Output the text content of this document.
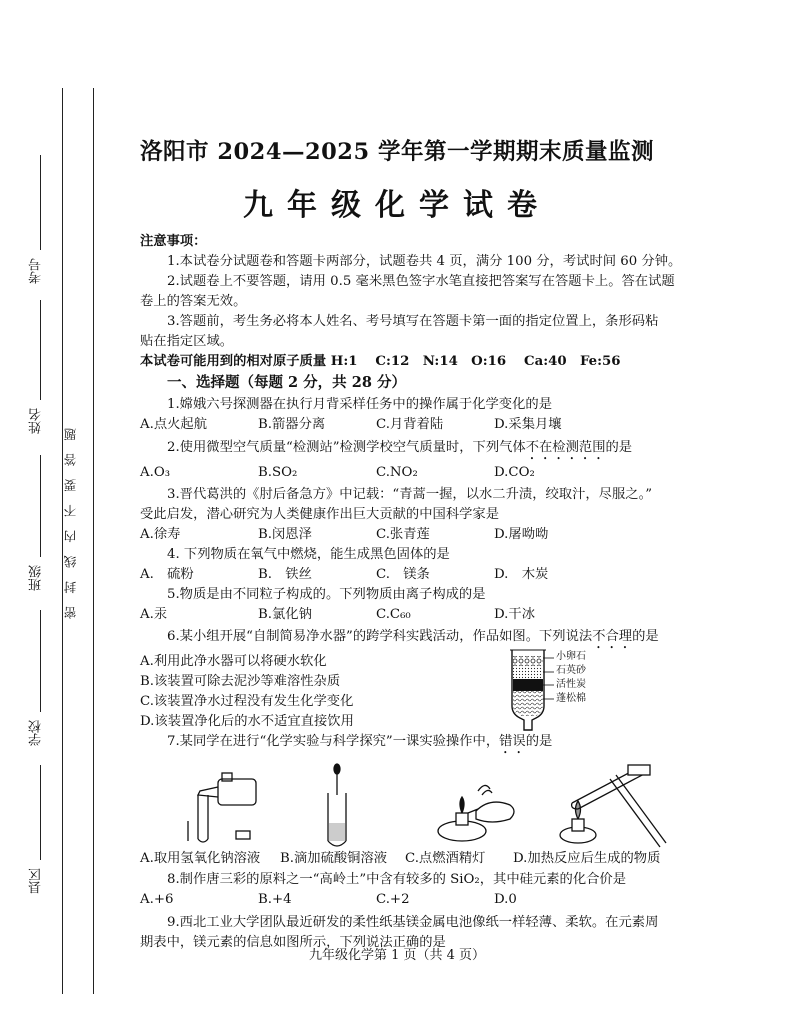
考号
姓名
班级
学校
县区
密封线内不要答题
洛阳市 2024—2025 学年第一学期期末质量监测
九年级化学试卷

注意事项：

1.本试卷分试题卷和答题卡两部分，试题卷共 4 页，满分 100 分，考试时间 60 分钟。

2.试题卷上不要答题，请用 0.5 毫米黑色签字水笔直接把答案写在答题卡上。答在试题

卷上的答案无效。

3.答题前，考生务必将本人姓名、考号填写在答题卡第一面的指定位置上，条形码粘

贴在指定区域。

本试卷可能用到的相对原子质量 H:1　 C:12　N:14　O:16　 Ca:40　Fe:56

一、选择题（每题 2 分，共 28 分）

1.嫦娥六号探测器在执行月背采样任务中的操作属于化学变化的是

A.点火起航	B.箭器分离	C.月背着陆	D.采集月壤

2.使用微型空气质量“检测站”检测学校空气质量时，下列气体不在检测范围的是

A.O₃	B.SO₂	C.NO₂	D.CO₂

3.晋代葛洪的《肘后备急方》中记载：“青蒿一握，以水二升渍，绞取汁，尽服之。”

受此启发，潜心研究为人类健康作出巨大贡献的中国科学家是

A.徐寿	B.闵恩泽	C.张青莲	D.屠呦呦

4. 下列物质在氧气中燃烧，能生成黑色固体的是

A.　硫粉	B.　铁丝	C.　镁条	D.　木炭

5.物质是由不同粒子构成的。下列物质由离子构成的是

A.汞	B.氯化钠	C.C₆₀	D.干冰

6.某小组开展“自制简易净水器”的跨学科实践活动，作品如图。下列说法不合理的是

A.利用此净水器可以将硬水软化

B.该装置可除去泥沙等难溶性杂质

C.该装置净水过程没有发生化学变化

D.该装置净化后的水不适宜直接饮用

小卵石
石英砂
活性炭
蓬松棉

7.某同学在进行“化学实验与科学探究”一课实验操作中，错误的是

A.取用氢氧化钠溶液	B.滴加硫酸铜溶液	C.点燃酒精灯	D.加热反应后生成的物质

8.制作唐三彩的原料之一“高岭土”中含有较多的 SiO₂，其中硅元素的化合价是

A.+6	B.+4	C.+2	D.0

9.西北工业大学团队最近研发的柔性纸基镁金属电池像纸一样轻薄、柔软。在元素周

期表中，镁元素的信息如图所示，下列说法正确的是

九年级化学第 1 页（共 4 页）
